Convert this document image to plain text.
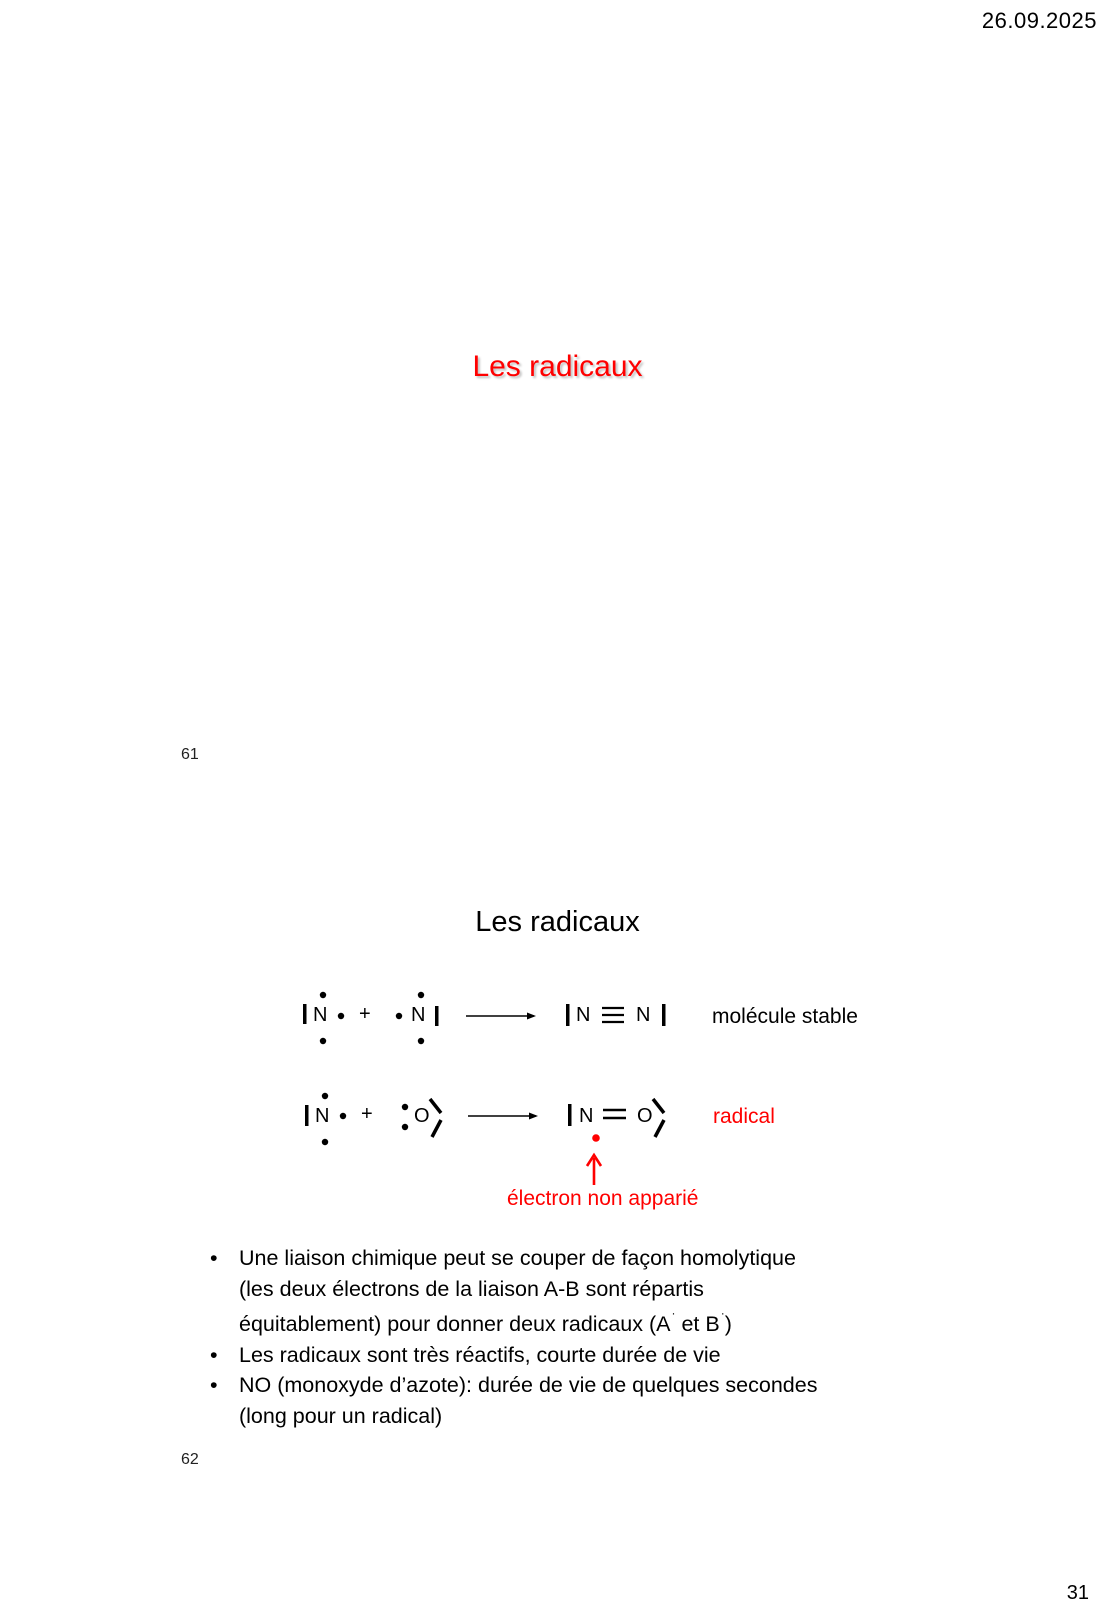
26.09.2025
31
Les radicaux
61
Les radicaux
N + N	N N	molécule stable
N + O	N O	radical
électron non apparié
• Une liaison chimique peut se couper de façon homolytique
(les deux électrons de la liaison A-B sont répartis
équitablement) pour donner deux radicaux (A· et B·)
• Les radicaux sont très réactifs, courte durée de vie
• NO (monoxyde d’azote): durée de vie de quelques secondes
(long pour un radical)
62
